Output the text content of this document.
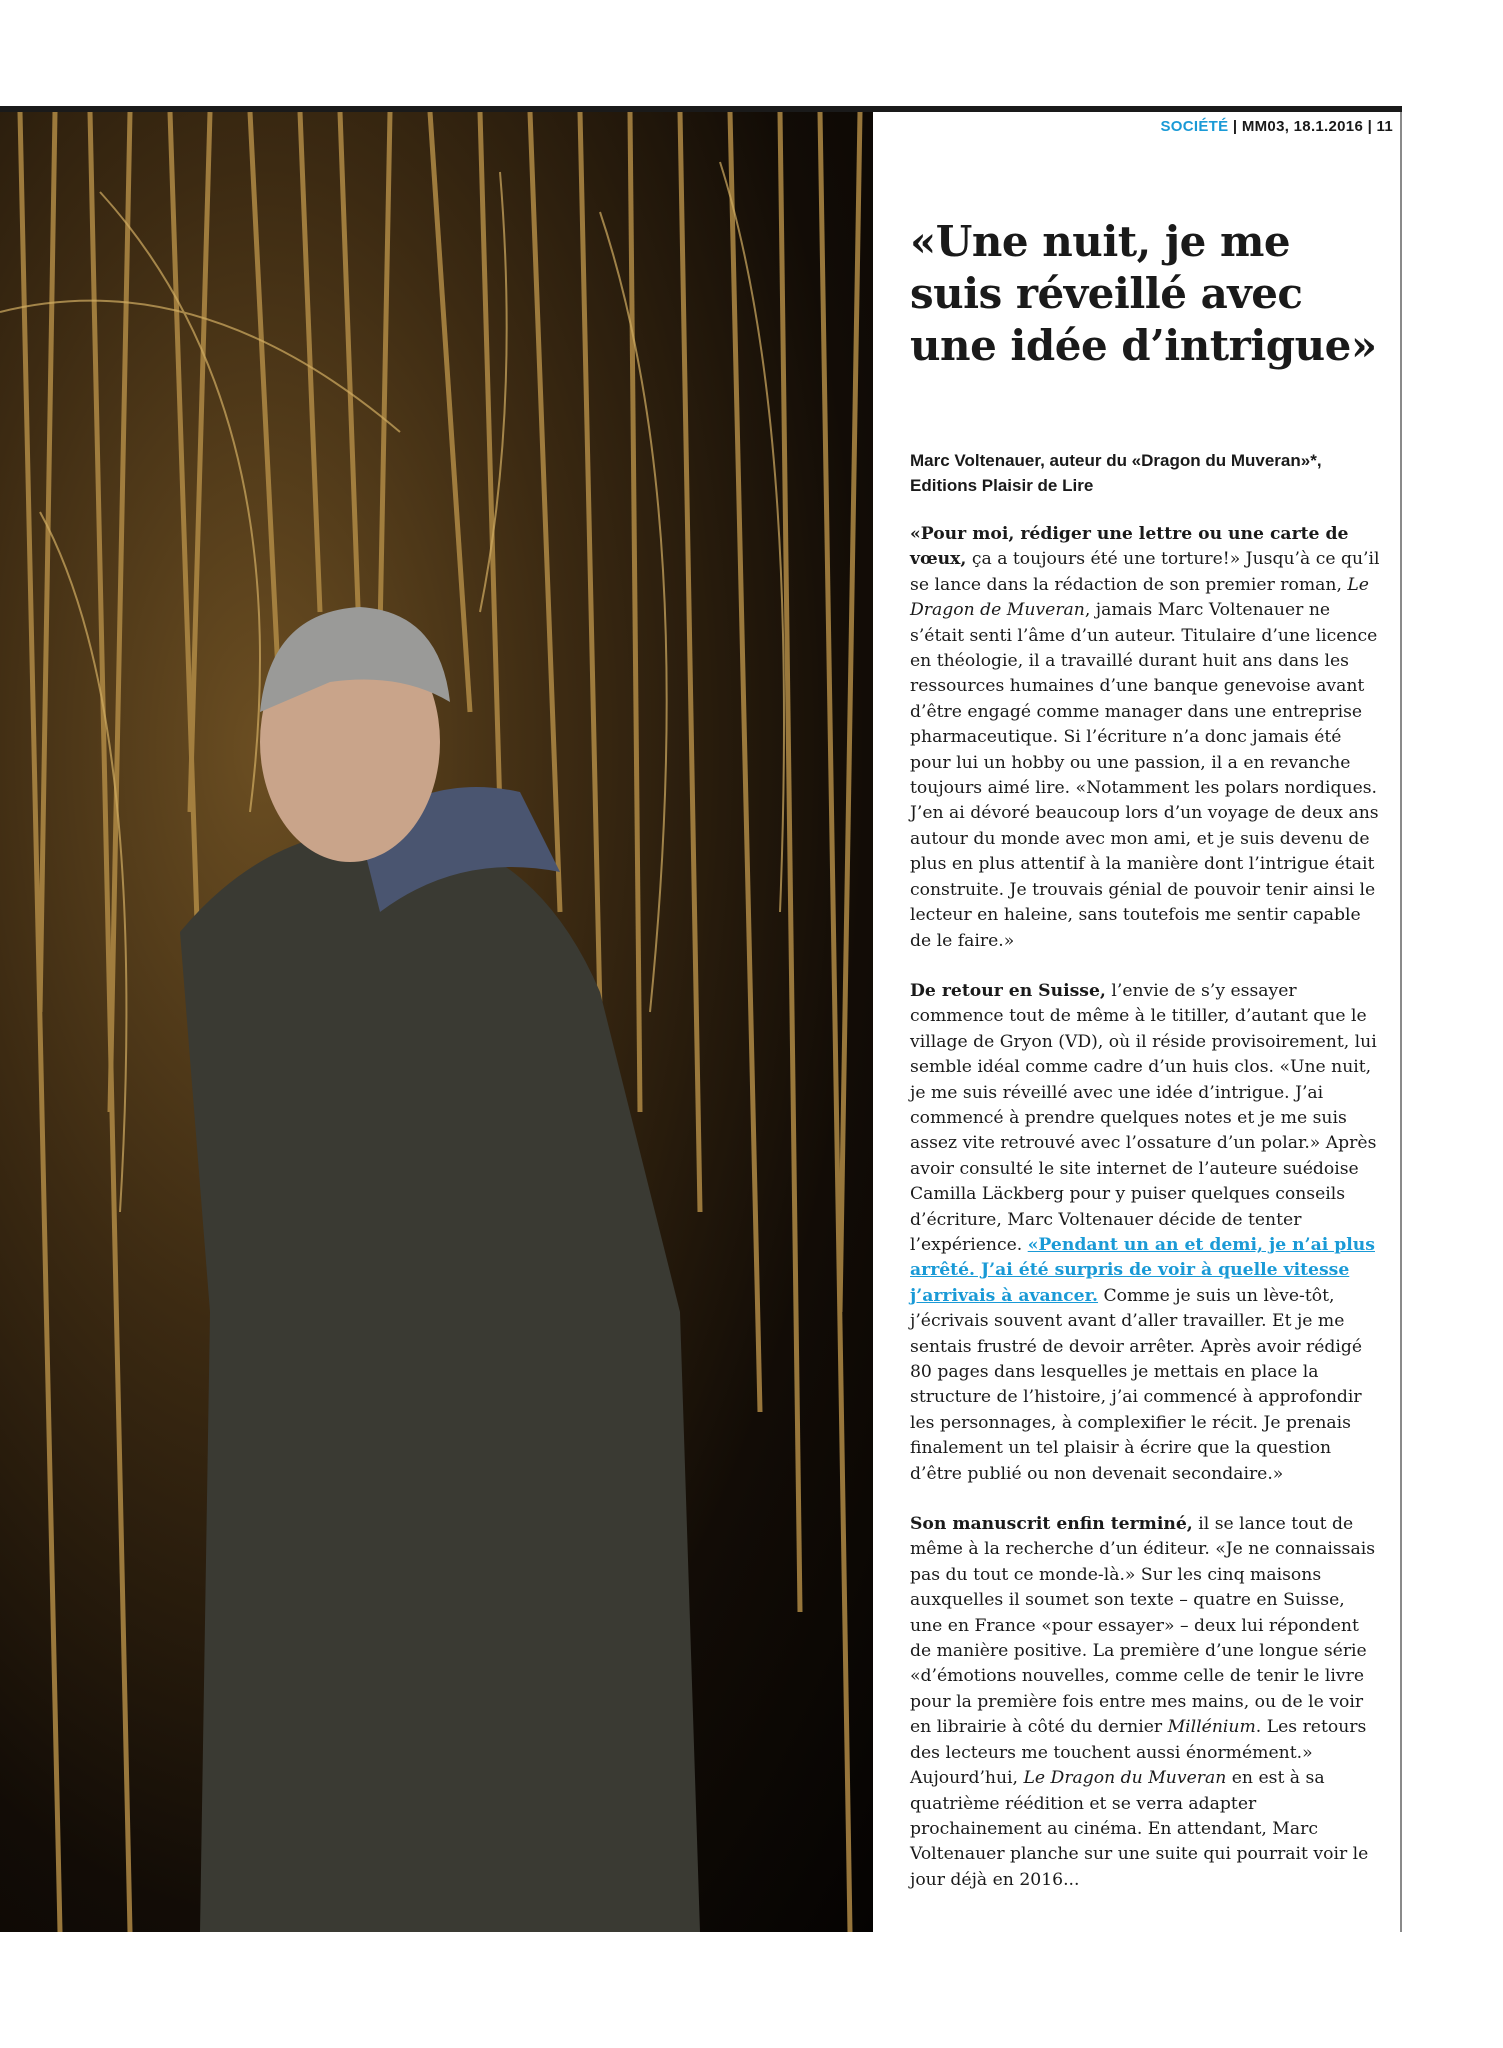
SOCIÉTÉ | MM03, 18.1.2016 | 11
«Une nuit, je me suis réveillé avec une idée d’intrigue»
Marc Voltenauer, auteur du «Dragon du Muveran»*, Editions Plaisir de Lire

«Pour moi, rédiger une lettre ou une carte de vœux, ça a toujours été une torture!» Jusqu’à ce qu’il se lance dans la rédaction de son premier roman, Le Dragon de Muveran, jamais Marc Voltenauer ne s’était senti l’âme d’un auteur. Titulaire d’une licence en théologie, il a travaillé durant huit ans dans les ressources humaines d’une banque genevoise avant d’être engagé comme manager dans une entreprise pharmaceutique. Si l’écriture n’a donc jamais été pour lui un hobby ou une passion, il a en revanche toujours aimé lire. «Notamment les polars nordiques. J’en ai dévoré beaucoup lors d’un voyage de deux ans autour du monde avec mon ami, et je suis devenu de plus en plus attentif à la manière dont l’intrigue était construite. Je trouvais génial de pouvoir tenir ainsi le lecteur en haleine, sans toutefois me sentir capable de le faire.»

De retour en Suisse, l’envie de s’y essayer commence tout de même à le titiller, d’autant que le village de Gryon (VD), où il réside provisoirement, lui semble idéal comme cadre d’un huis clos. «Une nuit, je me suis réveillé avec une idée d’intrigue. J’ai commencé à prendre quelques notes et je me suis assez vite retrouvé avec l’ossature d’un polar.» Après avoir consulté le site internet de l’auteure suédoise Camilla Läckberg pour y puiser quelques conseils d’écriture, Marc Voltenauer décide de tenter l’expérience. «Pendant un an et demi, je n’ai plus arrêté. J’ai été surpris de voir à quelle vitesse j’arrivais à avancer. Comme je suis un lève-tôt, j’écrivais souvent avant d’aller travailler. Et je me sentais frustré de devoir arrêter. Après avoir rédigé 80 pages dans lesquelles je mettais en place la structure de l’histoire, j’ai commencé à approfondir les personnages, à complexifier le récit. Je prenais finalement un tel plaisir à écrire que la question d’être publié ou non devenait secondaire.»

Son manuscrit enfin terminé, il se lance tout de même à la recherche d’un éditeur. «Je ne connaissais pas du tout ce monde-là.» Sur les cinq maisons auxquelles il soumet son texte – quatre en Suisse, une en France «pour essayer» – deux lui répondent de manière positive. La première d’une longue série «d’émotions nouvelles, comme celle de tenir le livre pour la première fois entre mes mains, ou de le voir en librairie à côté du dernier Millénium. Les retours des lecteurs me touchent aussi énormément.» Aujourd’hui, Le Dragon du Muveran en est à sa quatrième réédition et se verra adapter prochainement au cinéma. En attendant, Marc Voltenauer planche sur une suite qui pourrait voir le jour déjà en 2016...
